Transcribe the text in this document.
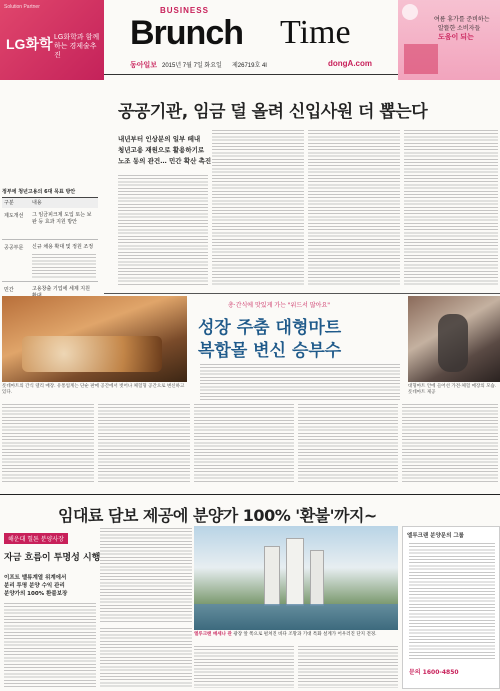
Solution Partner
LG화학 LG화학과 함께하는 경제술추진
BUSINESS
Brunch Time
동아일보 2015년 7월 7일 화요일 제26719호 4I	dongA.com
여름 휴가를 준비하는
알뜰한 소비자들
도움이 되는
공공기관, 임금 덜 올려 신입사원 더 뽑는다
정부에 청년고용의 6대 목표 방안
구분	내용
제도개선 그 임금피크제 도입 또는 보완 등 효과 지원 방안
공공부문 신규 채용 확대 및 정원 조정
민간	고용창출 기업에 세제 지원
내년부터 인상분의 일부 떼내
청년고용 재원으로 활용하기로
노조 동의 관건… 민간 확산 촉진
총·간식에 맛있게 가는 "위드서 많아요"
성장 주춤 대형마트
복합몰 변신 승부수
롯데마트의 간식 델리 매장. 유통업계는 단순 판매 공간에서 벗어나 체험형 공간으로 변신하고 있다.
대형마트 안에 들어선 가전·체험 매장의 모습. 롯데마트 제공
임대료 담보 제공에 분양가 100% '환불'까지~
해운대 힐튼 분양사장
자금 흐름이 투명성 시행
이프트 밸류계열 위계에서
분리 투명 분양 수익 관리
분양가의 100% 환불보장
엘루크랜 메세나 관 광장 앞 쪽으로 펼쳐진 바다 조망과 기대 특화 설계가 어우러진 단지 전경.
엘루크랜 분양문의 그룹
문의 1600-4850
